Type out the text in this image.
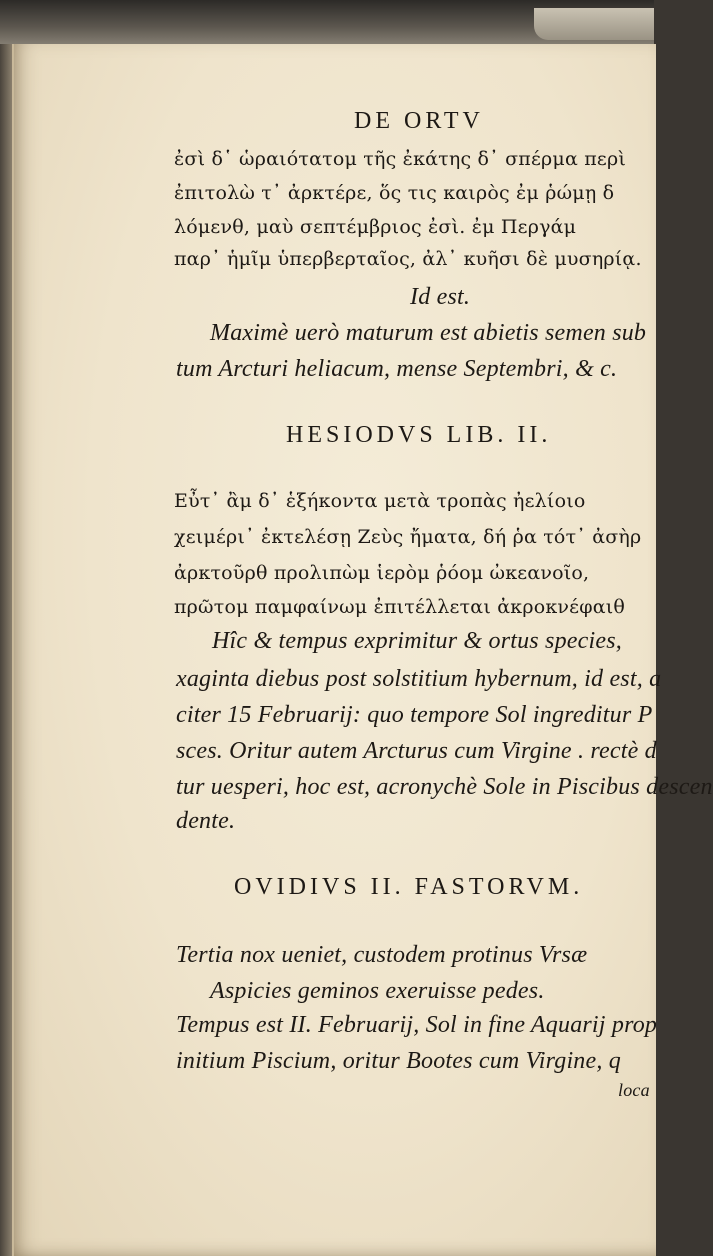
DE ORTV
ἐσὶ δ῾ ὡραιότατομ τῆς ἐκάτης δ᾽ σπέρμα περὶ
ἐπιτολὼ τ᾽ ἀρκτέρε, ὅς τις καιρὸς ἐμ ῥώμῃ δ
λόμενθ, μαὺ σεπτέμβριος ἐσὶ. ἐμ Περγάμ
παρ᾽ ἡμῖμ ὑπερβερταῖος, ἀλ᾽ κυῆσι δὲ μυσηρίᾳ.
Id est.
Maximè uerò maturum est abietis semen sub
tum Arcturi heliacum, mense Septembri, & c.
HESIODVS LIB. II.
Εὖτ᾽ ἂμ δ᾽ ἑξήκοντα μετὰ τροπὰς ἠελίοιο
χειμέρι᾽ ἐκτελέσῃ Ζεὺς ἤματα, δή ῥα τότ᾽ ἀσὴρ
ἀρκτοῦρθ προλιπὼμ ἱερὸμ ῥόομ ὠκεανοῖο,
πρῶτομ παμφαίνωμ ἐπιτέλλεται ἀκροκνέφαιθ
Hîc & tempus exprimitur & ortus species,
xaginta diebus post solstitium hybernum, id est, a
citer 15 Februarij: quo tempore Sol ingreditur P
sces. Oritur autem Arcturus cum Virgine . rectè d
tur uesperi, hoc est, acronychè Sole in Piscibus descen
dente.
OVIDIVS II. FASTORVM.
Tertia nox ueniet, custodem protinus Vrsæ
Aspicies geminos exeruisse pedes.
Tempus est II. Februarij, Sol in fine Aquarij prop
initium Piscium, oritur Bootes cum Virgine, q
loca
